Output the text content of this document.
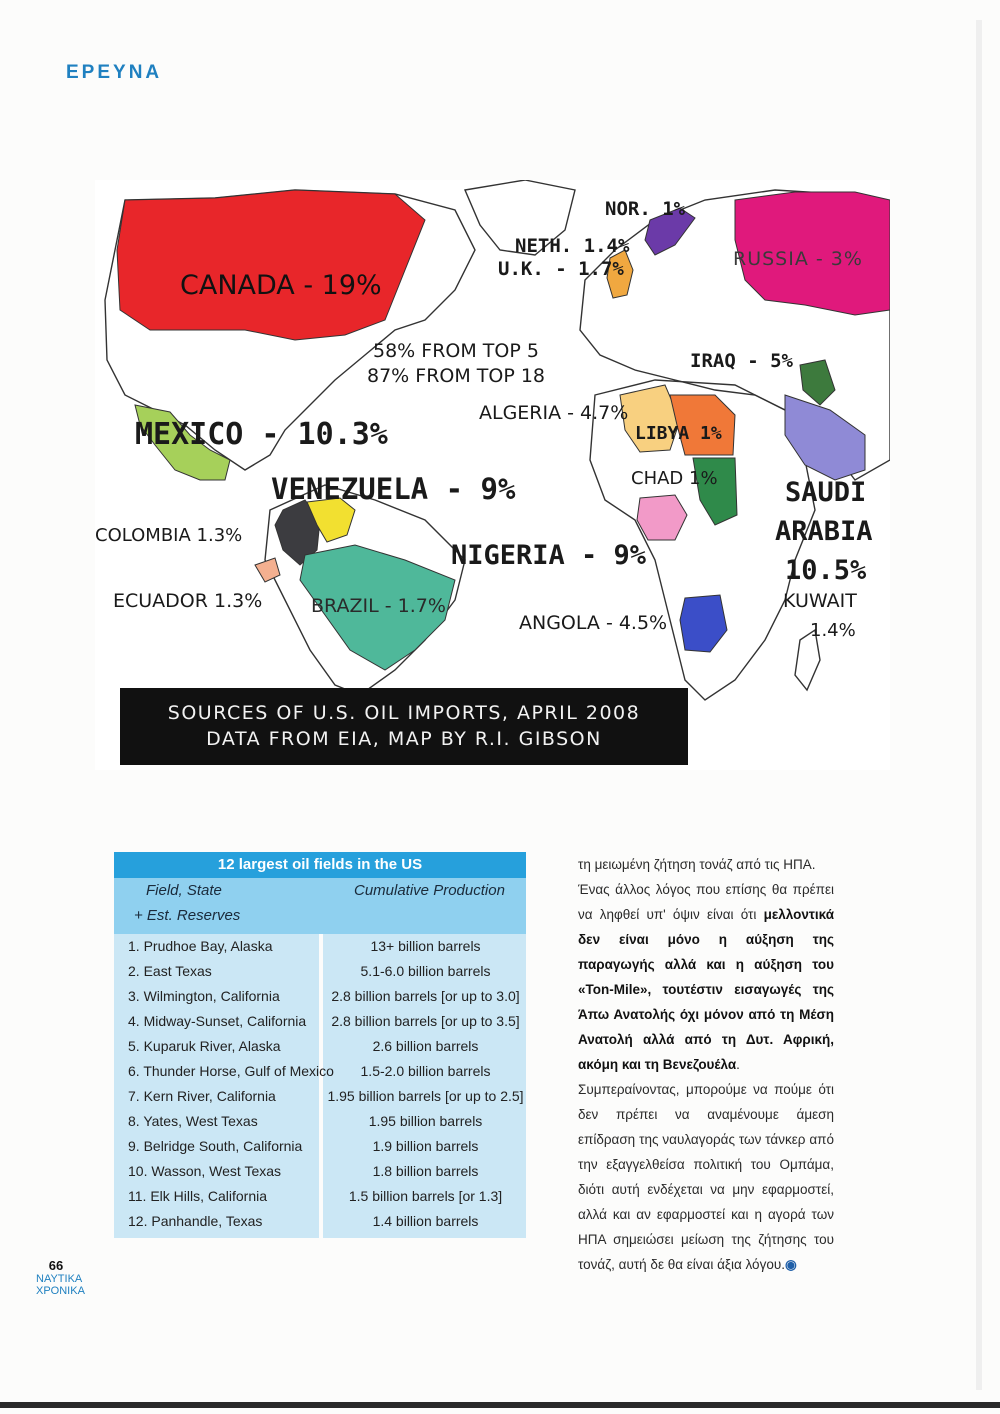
ΕΡΕΥΝΑ
CANADA - 19%
NOR. 1%
NETH. 1.4%
U.K. - 1.7%	RUSSIA - 3%
58% FROM TOP 5
87% FROM TOP 18
IRAQ - 5%
ALGERIA - 4.7%
LIBYA 1%
MEXICO - 10.3%
CHAD 1%
VENEZUELA - 9%	SAUDI
ARABIA
10.5%
COLOMBIA 1.3%
NIGERIA - 9%
KUWAIT
1.4%
ECUADOR 1.3%	BRAZIL - 1.7%
ANGOLA - 4.5%
SOURCES OF U.S. OIL IMPORTS, APRIL 2008
DATA FROM EIA, MAP BY R.I. GIBSON
12 largest oil fields in the US
Field, State
+ Est. Reserves
Cumulative Production
1. Prudhoe Bay, Alaska	13+ billion barrels
2. East Texas	5.1-6.0 billion barrels
3. Wilmington, California	2.8 billion barrels [or up to 3.0]
4. Midway-Sunset, California	2.8 billion barrels [or up to 3.5]
5. Kuparuk River, Alaska	2.6 billion barrels
6. Thunder Horse, Gulf of Mexico	1.5-2.0 billion barrels
7. Kern River, California	1.95 billion barrels [or up to 2.5]
8. Yates, West Texas	1.95 billion barrels
9. Belridge South, California	1.9 billion barrels
10. Wasson, West Texas	1.8 billion barrels
11. Elk Hills, California	1.5 billion barrels [or 1.3]
12. Panhandle, Texas	1.4 billion barrels

τη μειωμένη ζήτηση τονάζ από τις ΗΠΑ.

Ένας άλλος λόγος που επίσης θα πρέπει να ληφθεί υπ' όψιν είναι ότι μελλοντικά δεν είναι μόνο η αύξηση της παραγωγής αλλά και η αύξηση του «Ton-Mile», τουτέστιν εισαγωγές της Άπω Ανατολής όχι μόνον από τη Μέση Ανατολή αλλά από τη Δυτ. Αφρική, ακόμη και τη Βενεζουέλα.

Συμπεραίνοντας, μπορούμε να πούμε ότι δεν πρέπει να αναμένουμε άμεση επίδραση της ναυλαγοράς των τάνκερ από την εξαγγελθείσα πολιτική του Ομπάμα, διότι αυτή ενδέχεται να μην εφαρμοστεί, αλλά και αν εφαρμοστεί και η αγορά των ΗΠΑ σημειώσει μείωση της ζήτησης του τονάζ, αυτή δε θα είναι άξια λόγου.◉

66
ΝΑΥΤΙΚΑ
ΧΡΟΝΙΚΑ
